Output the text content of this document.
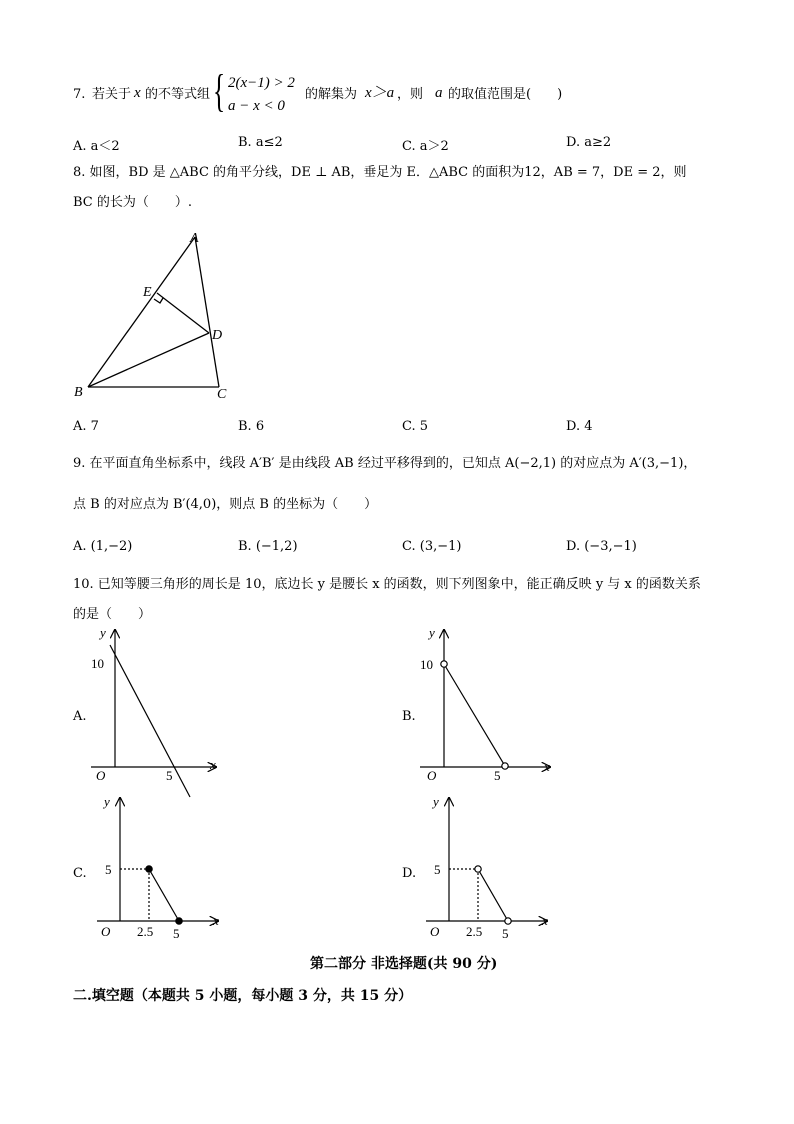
7. 若关于 x 的不等式组 { 2(x−1) > 2
a − x < 0
的解集为 x＞a ，则 a 的取值范围是(　　)
A. a＜2	B. a≤2	C. a＞2	D. a≥2
8. 如图，BD 是 △ABC 的角平分线，DE ⊥ AB，垂足为 E．△ABC 的面积为12，AB = 7，DE = 2，则
BC 的长为（　　）.
A
E
D
B	C
A. 7	B. 6	C. 5	D. 4
9. 在平面直角坐标系中，线段 A′B′ 是由线段 AB 经过平移得到的，已知点 A(−2,1) 的对应点为 A′(3,−1)，
点 B 的对应点为 B′(4,0)，则点 B 的坐标为（　　）
A. (1,−2)	B. (−1,2)	C. (3,−1)	D. (−3,−1)
10. 已知等腰三角形的周长是 10，底边长 y 是腰长 x 的函数，则下列图象中，能正确反映 y 与 x 的函数关系
的是（　　）
A.
y
x
O
10
5
B.
y
x
O
10
5
C.
y
x
O
5
2.5 5
D.
y
x
O
5
2.5 5
第二部分 非选择题(共 90 分)
二.填空题（本题共 5 小题，每小题 3 分，共 15 分）
